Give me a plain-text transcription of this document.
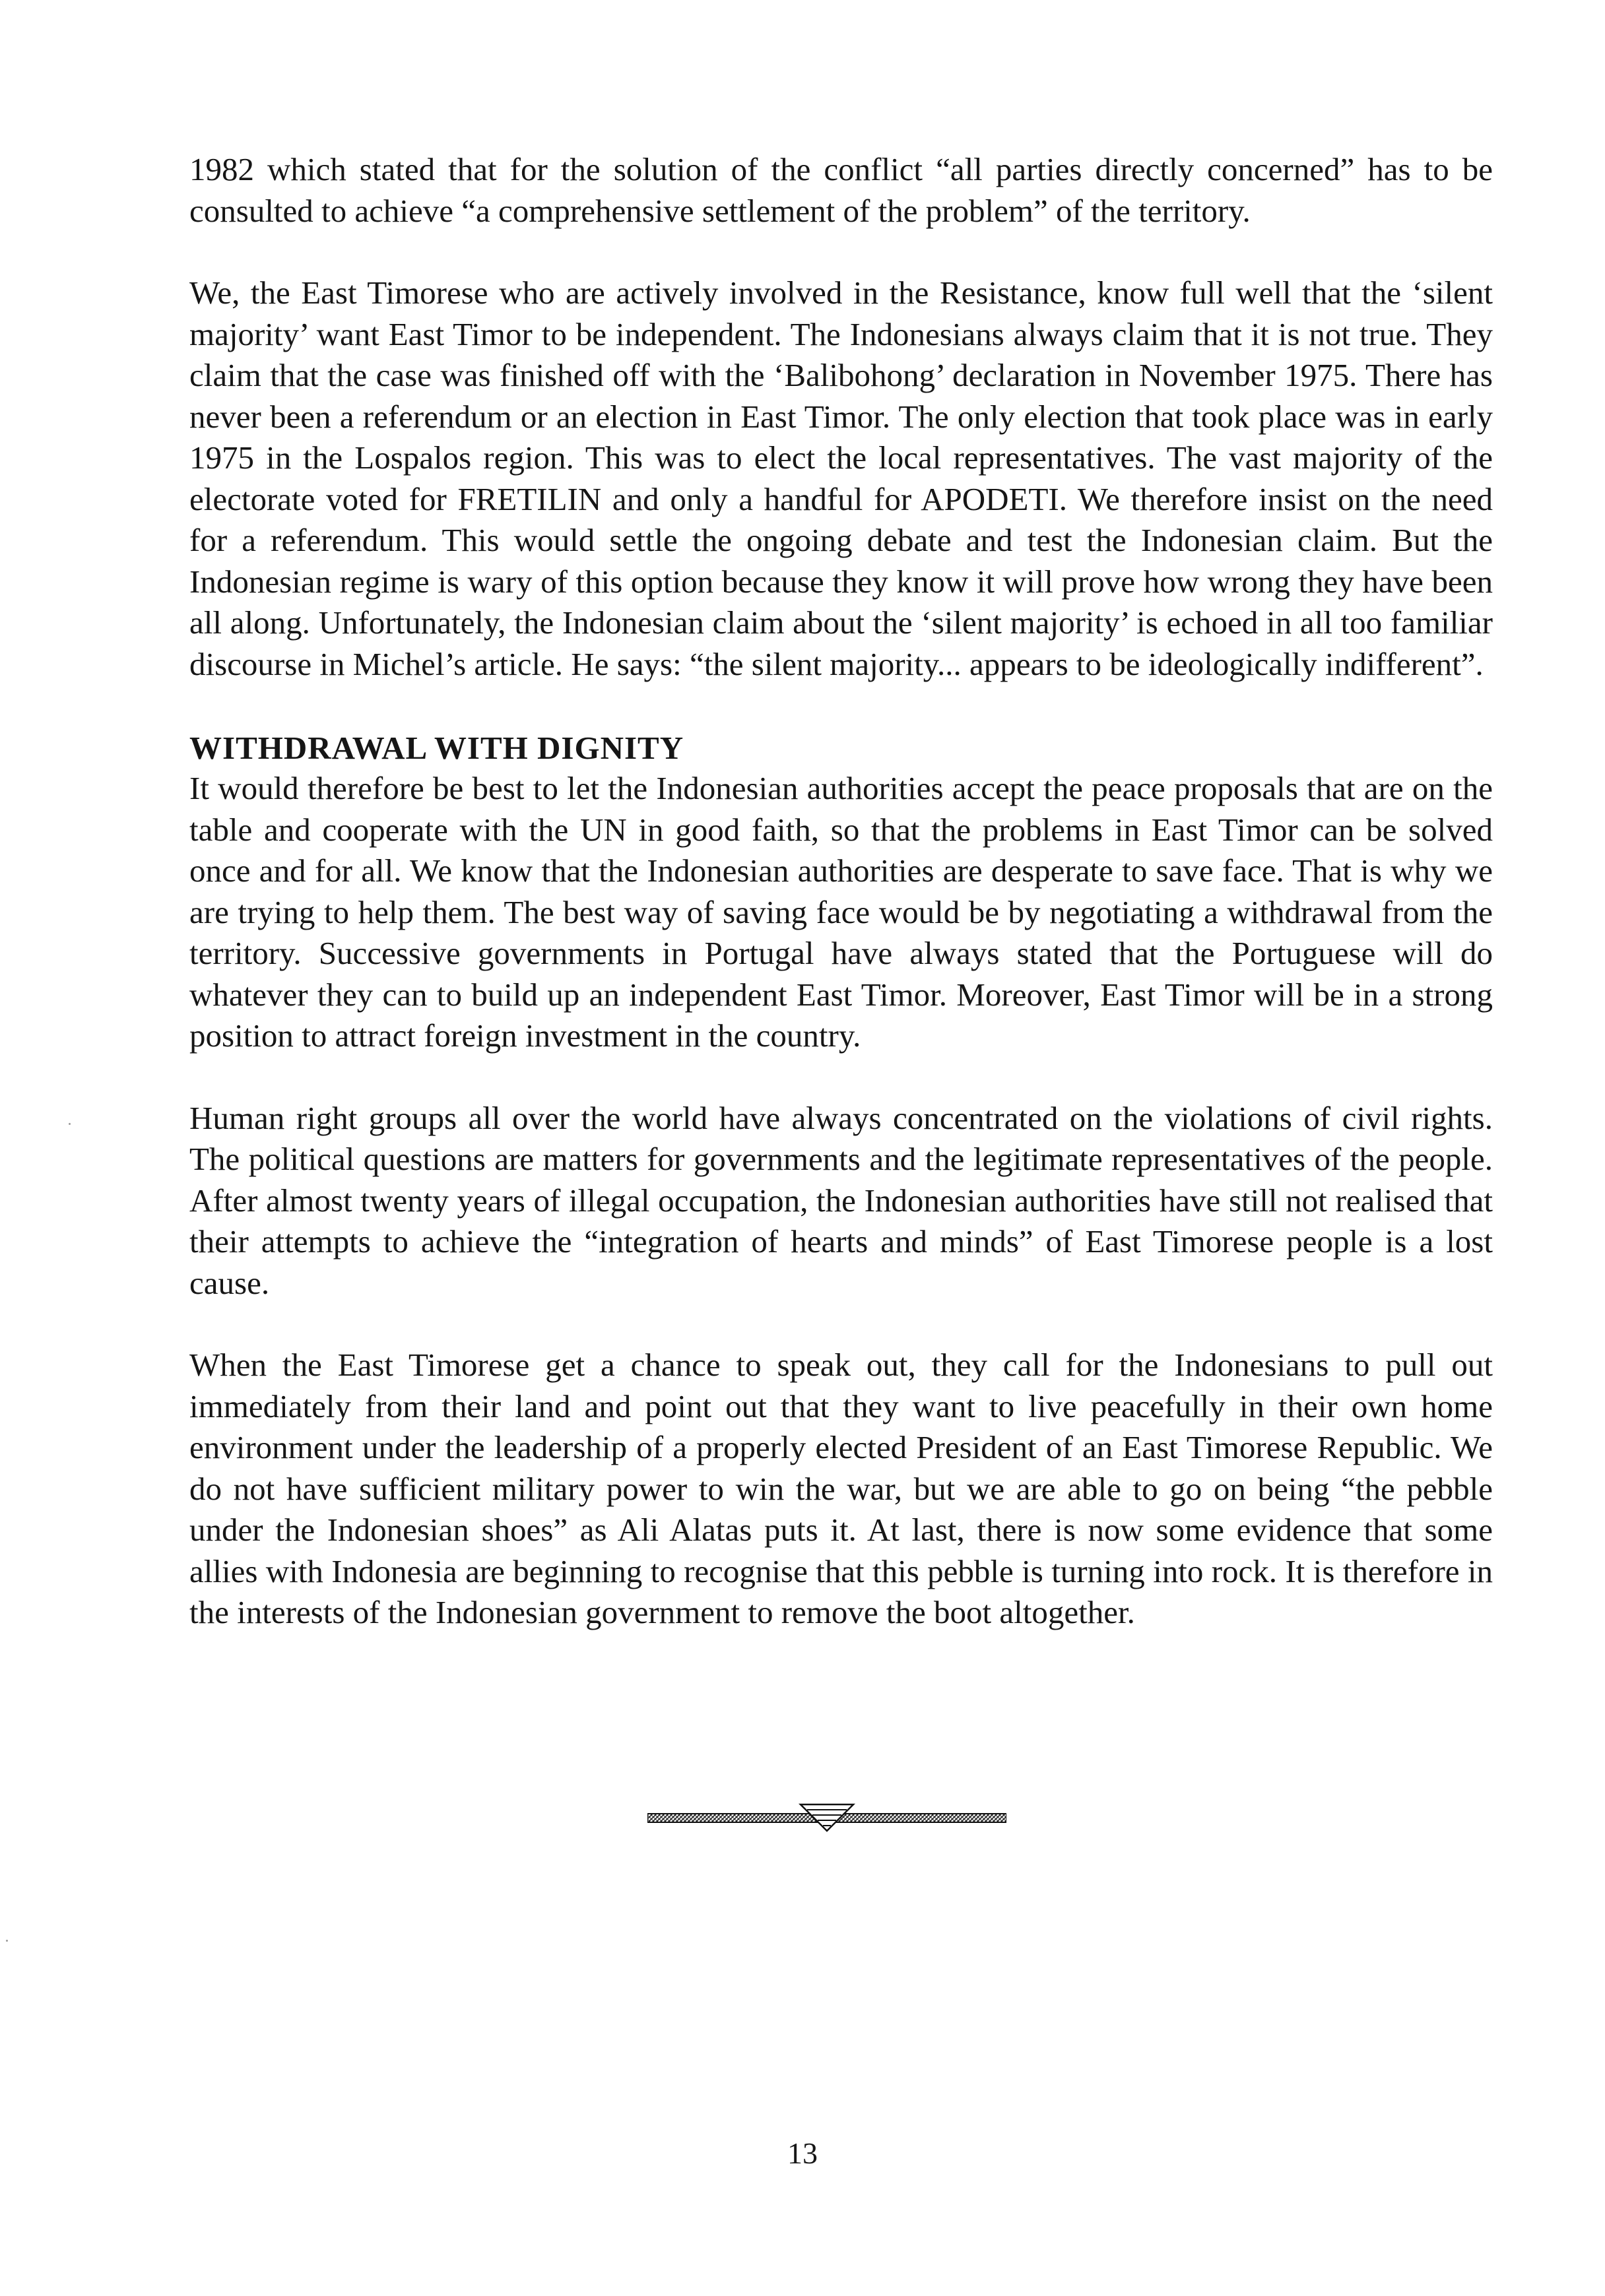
1982 which stated that for the solution of the conflict “all parties directly concerned” has to be consulted to achieve “a comprehensive settlement of the problem” of the territory.

We, the East Timorese who are actively involved in the Resistance, know full well that the ‘silent majority’ want East Timor to be independent. The Indonesians always claim that it is not true. They claim that the case was finished off with the ‘Balibohong’ declaration in November 1975. There has never been a referendum or an election in East Timor. The only election that took place was in early 1975 in the Lospalos region. This was to elect the local representatives. The vast majority of the electorate voted for FRETILIN and only a handful for APODETI. We therefore insist on the need for a referendum. This would settle the ongoing debate and test the Indonesian claim. But the Indonesian regime is wary of this option because they know it will prove how wrong they have been all along. Unfortunately, the Indonesian claim about the ‘silent majority’ is echoed in all too familiar discourse in Michel’s article. He says: “the silent majority... appears to be ideologically indifferent”.

WITHDRAWAL WITH DIGNITY

It would therefore be best to let the Indonesian authorities accept the peace proposals that are on the table and cooperate with the UN in good faith, so that the problems in East Timor can be solved once and for all. We know that the Indonesian authorities are desperate to save face. That is why we are trying to help them. The best way of saving face would be by negotiating a withdrawal from the territory. Successive governments in Portugal have always stated that the Portuguese will do whatever they can to build up an independent East Timor. Moreover, East Timor will be in a strong position to attract foreign investment in the country.

Human right groups all over the world have always concentrated on the violations of civil rights. The political questions are matters for governments and the legitimate representatives of the people. After almost twenty years of illegal occupation, the Indonesian authorities have still not realised that their attempts to achieve the “integration of hearts and minds” of East Timorese people is a lost cause.

When the East Timorese get a chance to speak out, they call for the Indonesians to pull out immediately from their land and point out that they want to live peacefully in their own home environment under the leadership of a properly elected President of an East Timorese Republic. We do not have sufficient military power to win the war, but we are able to go on being “the pebble under the Indonesian shoes” as Ali Alatas puts it. At last, there is now some evidence that some allies with Indonesia are beginning to recognise that this pebble is turning into rock. It is therefore in the interests of the Indonesian government to remove the boot altogether.

13
